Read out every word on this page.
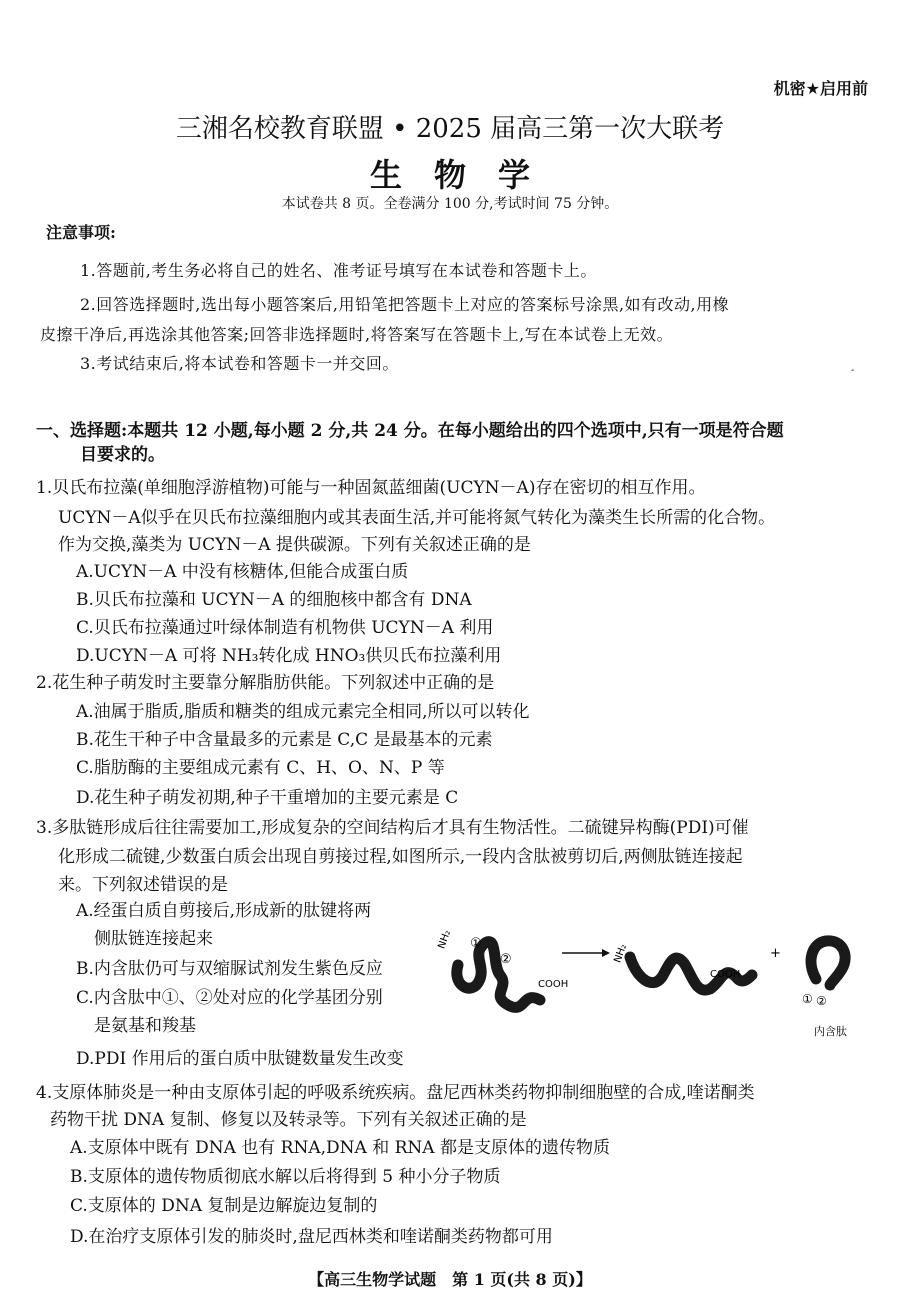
机密★启用前
三湘名校教育联盟 • 2025 届高三第一次大联考
生物学
本试卷共 8 页。全卷满分 100 分,考试时间 75 分钟。
注意事项:
1.答题前,考生务必将自己的姓名、准考证号填写在本试卷和答题卡上。
2.回答选择题时,选出每小题答案后,用铅笔把答题卡上对应的答案标号涂黑,如有改动,用橡
皮擦干净后,再选涂其他答案;回答非选择题时,将答案写在答题卡上,写在本试卷上无效。
3.考试结束后,将本试卷和答题卡一并交回。	-
一、选择题:本题共 12 小题,每小题 2 分,共 24 分。在每小题给出的四个选项中,只有一项是符合题
目要求的。
1.贝氏布拉藻(单细胞浮游植物)可能与一种固氮蓝细菌(UCYN－A)存在密切的相互作用。
UCYN－A似乎在贝氏布拉藻细胞内或其表面生活,并可能将氮气转化为藻类生长所需的化合物。
作为交换,藻类为 UCYN－A 提供碳源。下列有关叙述正确的是
A.UCYN－A 中没有核糖体,但能合成蛋白质
B.贝氏布拉藻和 UCYN－A 的细胞核中都含有 DNA
C.贝氏布拉藻通过叶绿体制造有机物供 UCYN－A 利用
D.UCYN－A 可将 NH₃转化成 HNO₃供贝氏布拉藻利用
2.花生种子萌发时主要靠分解脂肪供能。下列叙述中正确的是
A.油属于脂质,脂质和糖类的组成元素完全相同,所以可以转化
B.花生干种子中含量最多的元素是 C,C 是最基本的元素
C.脂肪酶的主要组成元素有 C、H、O、N、P 等
D.花生种子萌发初期,种子干重增加的主要元素是 C
3.多肽链形成后往往需要加工,形成复杂的空间结构后才具有生物活性。二硫键异构酶(PDI)可催
化形成二硫键,少数蛋白质会出现自剪接过程,如图所示,一段内含肽被剪切后,两侧肽链连接起
来。下列叙述错误的是
A.经蛋白质自剪接后,形成新的肽键将两
侧肽链连接起来
B.内含肽仍可与双缩脲试剂发生紫色反应
C.内含肽中①、②处对应的化学基团分别
是氨基和羧基
D.PDI 作用后的蛋白质中肽键数量发生改变
NH₂ ①
②
COOH
NH₂
COOH
+
① ②
内含肽
4.支原体肺炎是一种由支原体引起的呼吸系统疾病。盘尼西林类药物抑制细胞壁的合成,喹诺酮类
药物干扰 DNA 复制、修复以及转录等。下列有关叙述正确的是
A.支原体中既有 DNA 也有 RNA,DNA 和 RNA 都是支原体的遗传物质
B.支原体的遗传物质彻底水解以后将得到 5 种小分子物质
C.支原体的 DNA 复制是边解旋边复制的
D.在治疗支原体引发的肺炎时,盘尼西林类和喹诺酮类药物都可用
【高三生物学试题　第 1 页(共 8 页)】
